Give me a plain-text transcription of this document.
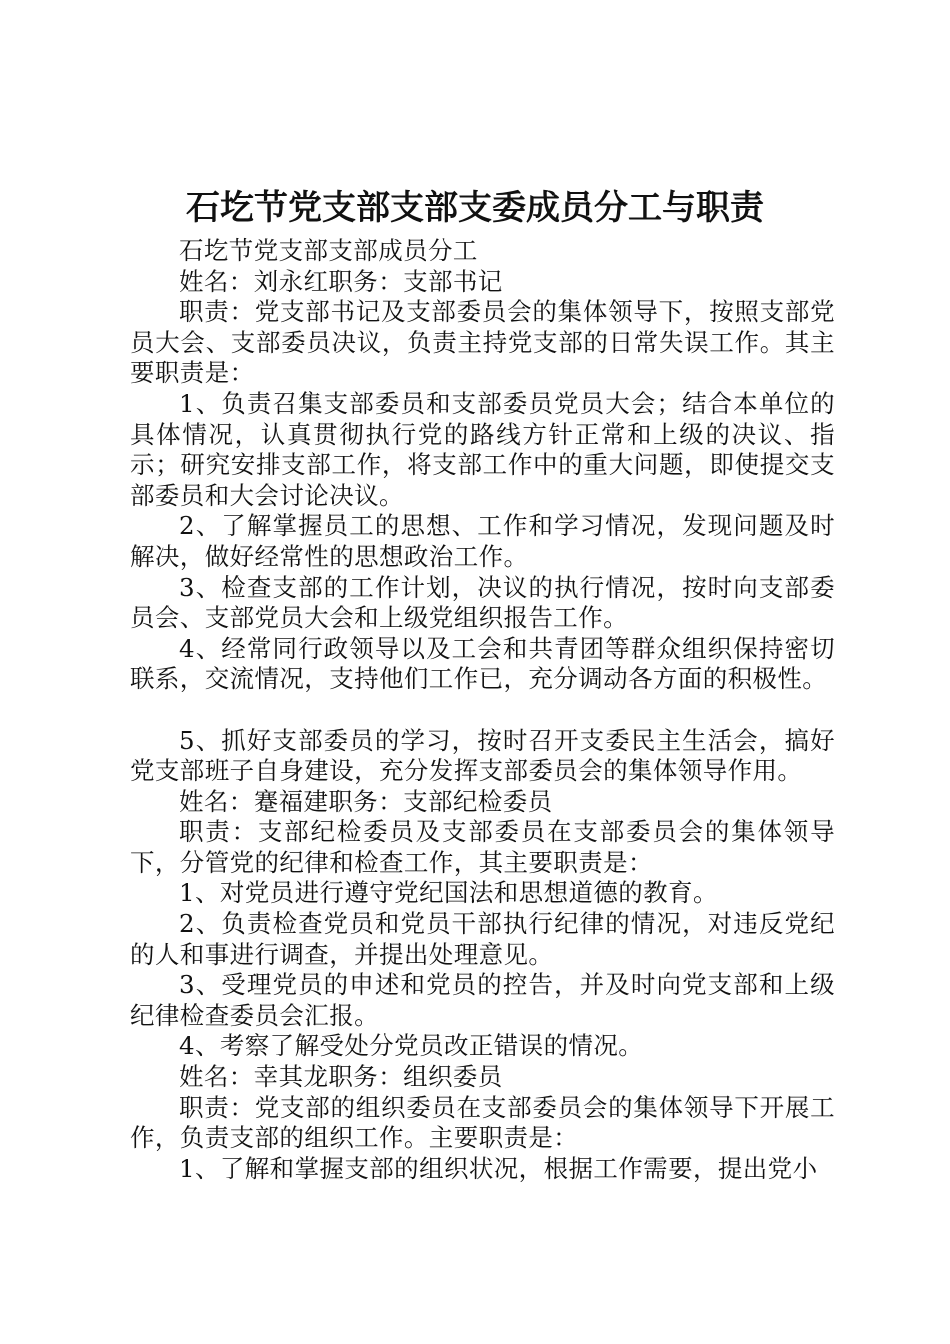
石圪节党支部支部支委成员分工与职责

石圪节党支部支部成员分工

姓名：刘永红职务：支部书记

职责：党支部书记及支部委员会的集体领导下，按照支部党员大会、支部委员决议，负责主持党支部的日常失误工作。其主要职责是：

1、负责召集支部委员和支部委员党员大会；结合本单位的具体情况，认真贯彻执行党的路线方针正常和上级的决议、指示；研究安排支部工作，将支部工作中的重大问题，即使提交支部委员和大会讨论决议。

2、了解掌握员工的思想、工作和学习情况，发现问题及时解决，做好经常性的思想政治工作。

3、检查支部的工作计划，决议的执行情况，按时向支部委员会、支部党员大会和上级党组织报告工作。

4、经常同行政领导以及工会和共青团等群众组织保持密切联系，交流情况，支持他们工作已，充分调动各方面的积极性。

5、抓好支部委员的学习，按时召开支委民主生活会，搞好党支部班子自身建设，充分发挥支部委员会的集体领导作用。

姓名：蹇福建职务：支部纪检委员

职责：支部纪检委员及支部委员在支部委员会的集体领导下，分管党的纪律和检查工作，其主要职责是：

1、对党员进行遵守党纪国法和思想道德的教育。

2、负责检查党员和党员干部执行纪律的情况，对违反党纪的人和事进行调查，并提出处理意见。

3、受理党员的申述和党员的控告，并及时向党支部和上级纪律检查委员会汇报。

4、考察了解受处分党员改正错误的情况。

姓名：幸其龙职务：组织委员

职责：党支部的组织委员在支部委员会的集体领导下开展工作，负责支部的组织工作。主要职责是：

1、了解和掌握支部的组织状况，根据工作需要，提出党小
